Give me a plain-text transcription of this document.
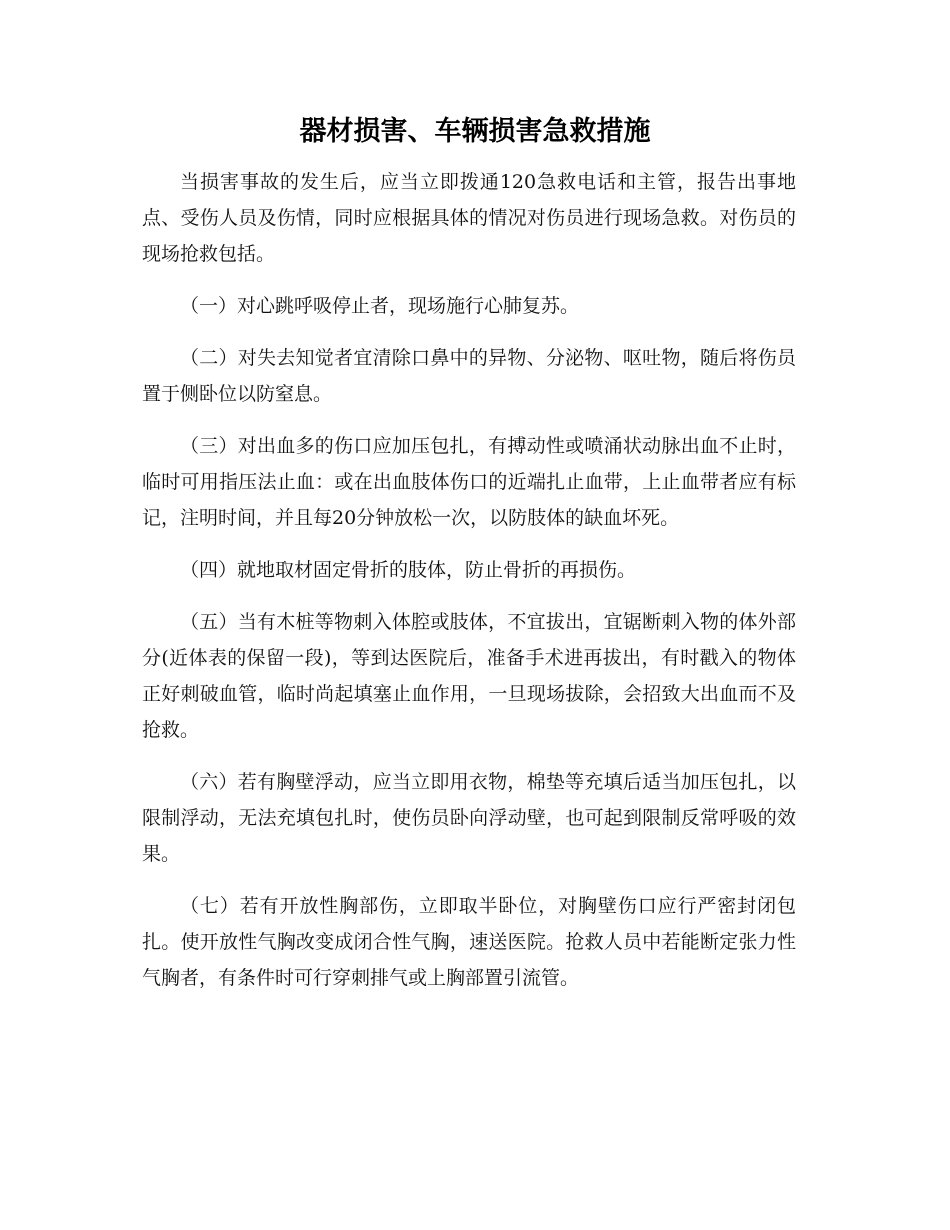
器材损害、车辆损害急救措施

当损害事故的发生后，应当立即拨通120急救电话和主管，报告出事地点、受伤人员及伤情，同时应根据具体的情况对伤员进行现场急救。对伤员的现场抢救包括。

（一）对心跳呼吸停止者，现场施行心肺复苏。

（二）对失去知觉者宜清除口鼻中的异物、分泌物、呕吐物，随后将伤员置于侧卧位以防窒息。

（三）对出血多的伤口应加压包扎，有搏动性或喷涌状动脉出血不止时，临时可用指压法止血：或在出血肢体伤口的近端扎止血带，上止血带者应有标记，注明时间，并且每20分钟放松一次，以防肢体的缺血坏死。

（四）就地取材固定骨折的肢体，防止骨折的再损伤。

（五）当有木桩等物刺入体腔或肢体，不宜拔出，宜锯断刺入物的体外部分(近体表的保留一段)，等到达医院后，准备手术进再拔出，有时戳入的物体正好刺破血管，临时尚起填塞止血作用，一旦现场拔除，会招致大出血而不及抢救。

（六）若有胸壁浮动，应当立即用衣物，棉垫等充填后适当加压包扎，以限制浮动，无法充填包扎时，使伤员卧向浮动壁，也可起到限制反常呼吸的效果。

（七）若有开放性胸部伤，立即取半卧位，对胸壁伤口应行严密封闭包扎。使开放性气胸改变成闭合性气胸，速送医院。抢救人员中若能断定张力性气胸者，有条件时可行穿刺排气或上胸部置引流管。
